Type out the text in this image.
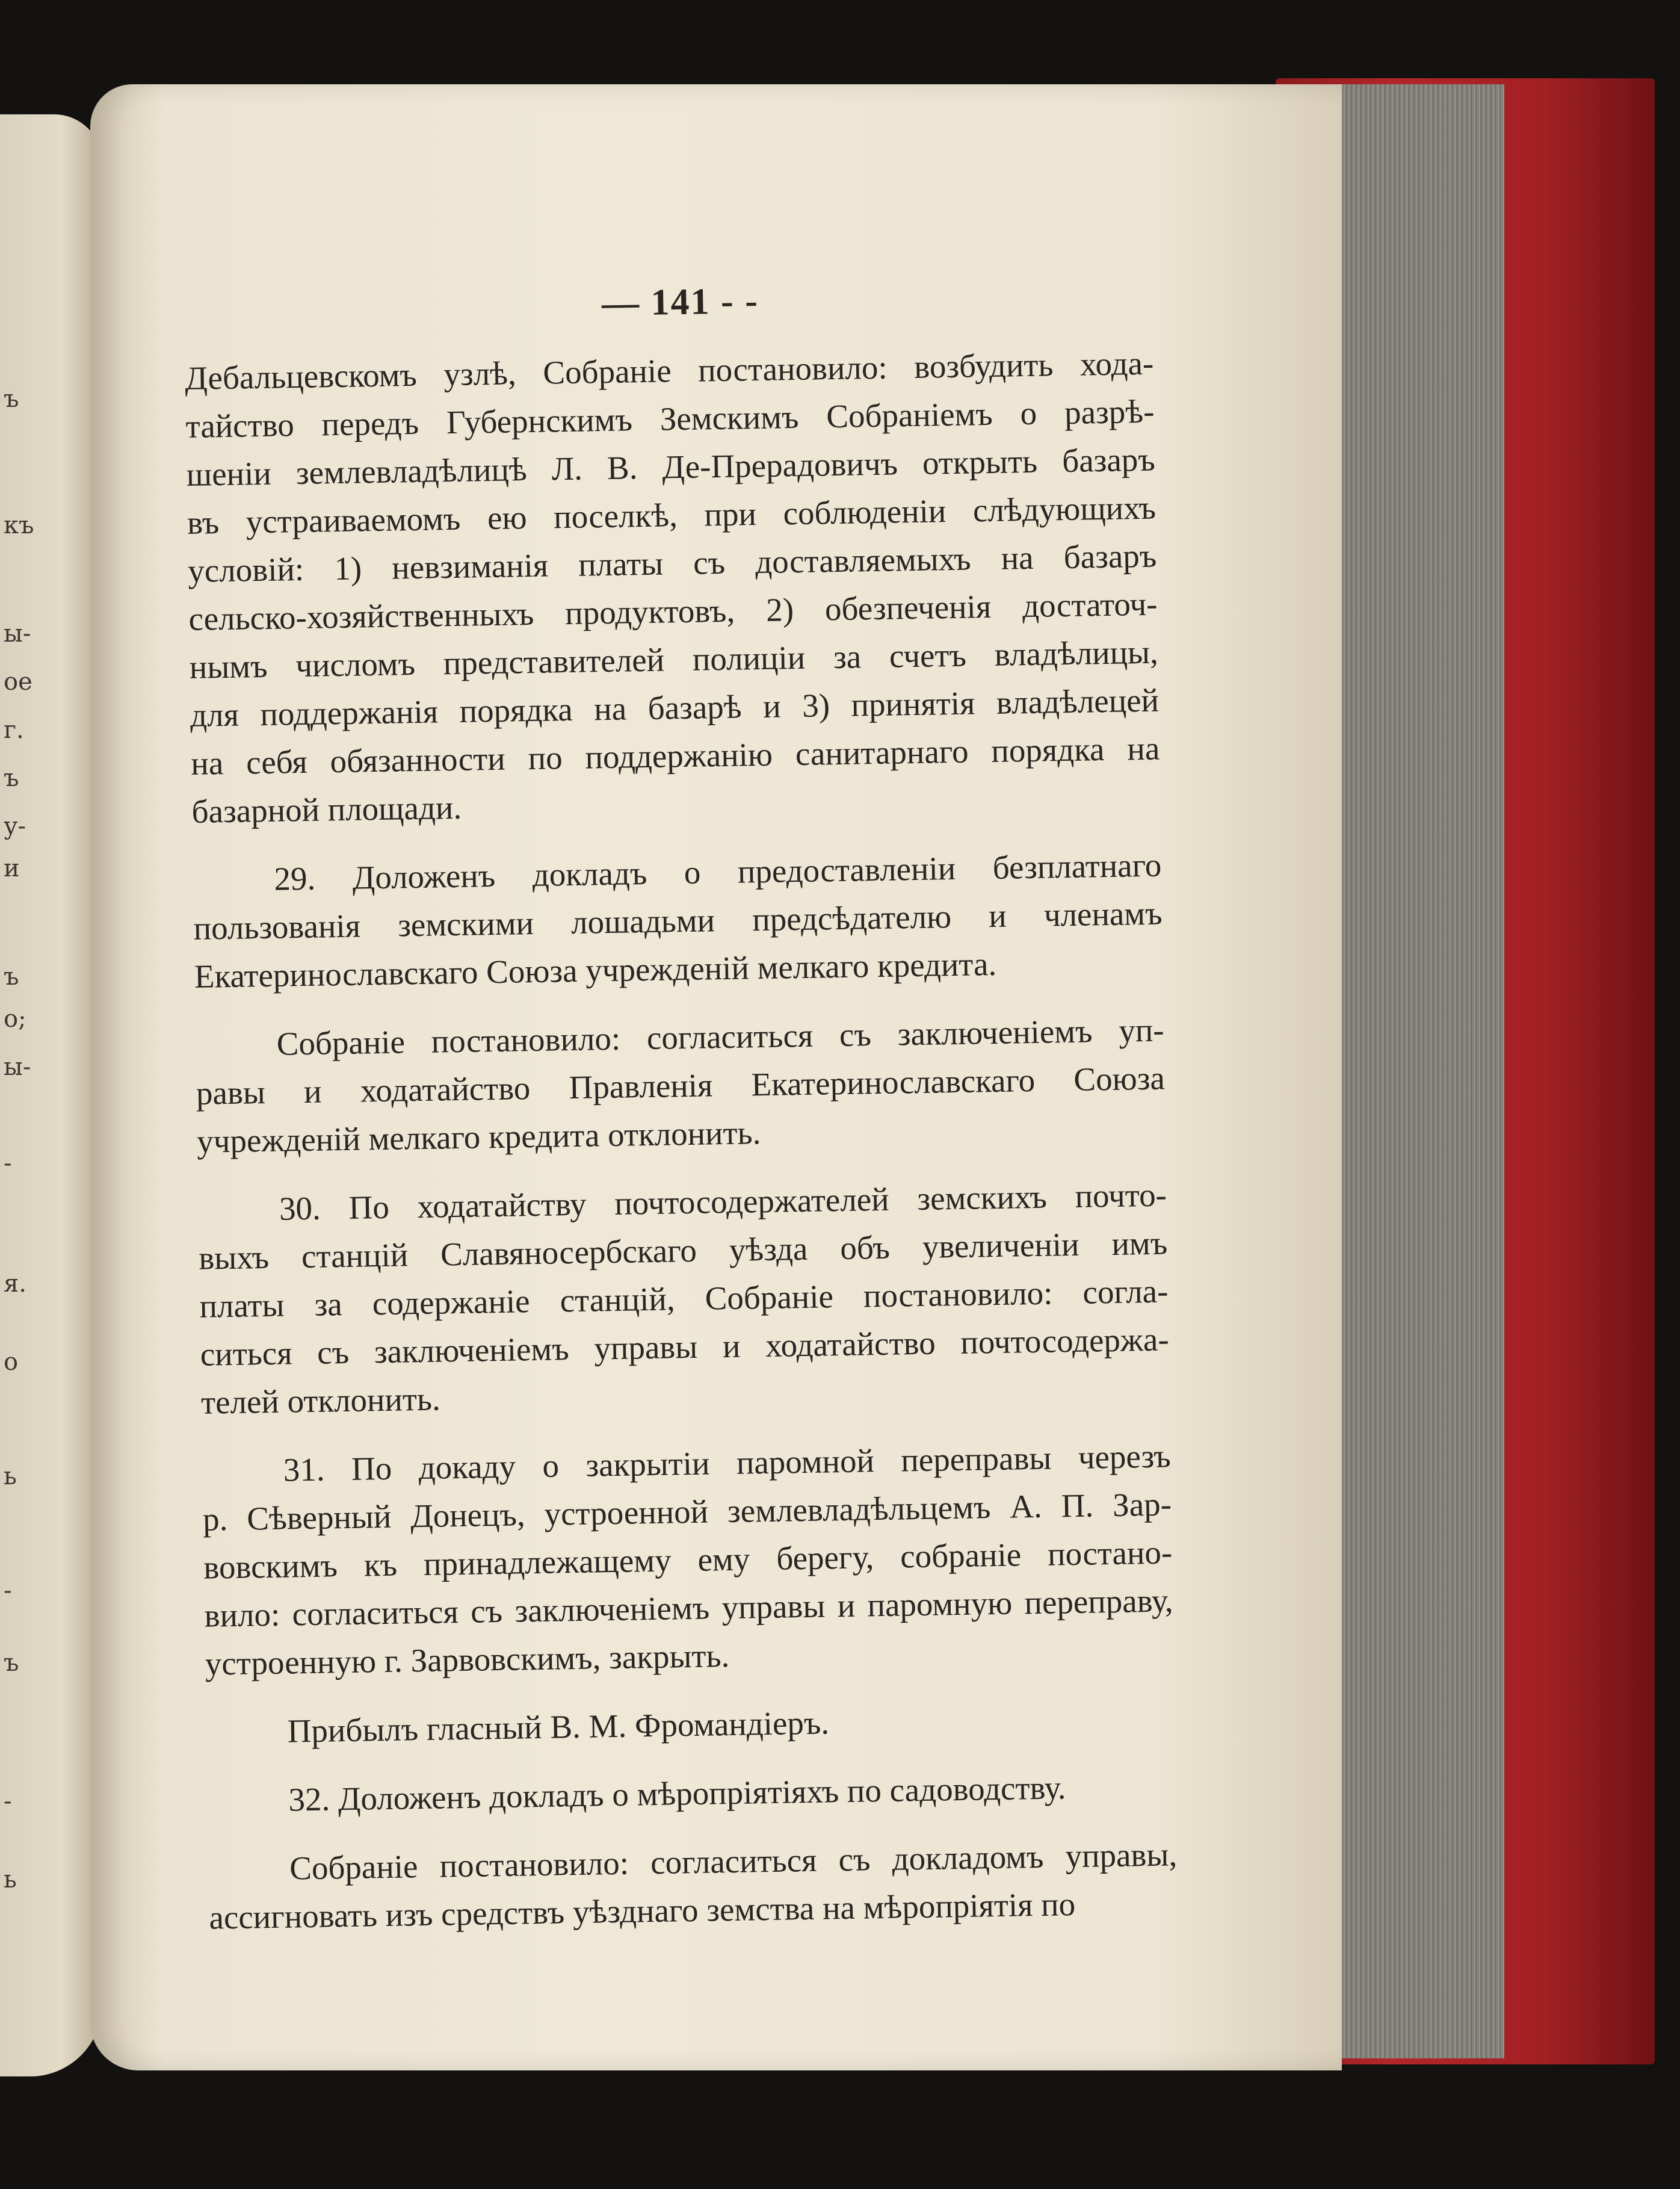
ъ
къ
ы-
ое
г.
ъ
у-
и
ъ
о;
ы-
-
я.
о
ь
-
ъ
-
ь
— 141 - -
Дебальцевскомъ узлѣ, Собраніе постановило: возбудить хода-
тайство передъ Губернскимъ Земскимъ Собраніемъ о разрѣ-
шеніи землевладѣлицѣ Л. В. Де-Прерадовичъ открыть базаръ
въ устраиваемомъ ею поселкѣ, при соблюденіи слѣдующихъ
условій: 1) невзиманія платы съ доставляемыхъ на базаръ
сельско-хозяйственныхъ продуктовъ, 2) обезпеченія достаточ-
нымъ числомъ представителей полиціи за счетъ владѣлицы,
для поддержанія порядка на базарѣ и 3) принятія владѣлецей
на себя обязанности по поддержанію санитарнаго порядка на
базарной площади.
29. Доложенъ докладъ о предоставленіи безплатнаго
пользованія земскими лошадьми предсѣдателю и членамъ
Екатеринославскаго Союза учрежденій мелкаго кредита.
Собраніе постановило: согласиться съ заключеніемъ уп-
равы и ходатайство Правленія Екатеринославскаго Союза
учрежденій мелкаго кредита отклонить.
30. По ходатайству почтосодержателей земскихъ почто-
выхъ станцій Славяносербскаго уѣзда объ увеличеніи имъ
платы за содержаніе станцій, Собраніе постановило: согла-
ситься съ заключеніемъ управы и ходатайство почтосодержа-
телей отклонить.
31. По докаду о закрытіи паромной переправы черезъ
р. Сѣверный Донецъ, устроенной землевладѣльцемъ А. П. Зар-
вовскимъ къ принадлежащему ему берегу, собраніе постано-
вило: согласиться съ заключеніемъ управы и паромную переправу,
устроенную г. Зарвовскимъ, закрыть.
Прибылъ гласный В. М. Фромандіеръ.
32. Доложенъ докладъ о мѣропріятіяхъ по садоводству.
Собраніе постановило: согласиться съ докладомъ управы,
ассигновать изъ средствъ уѣзднаго земства на мѣропріятія по
